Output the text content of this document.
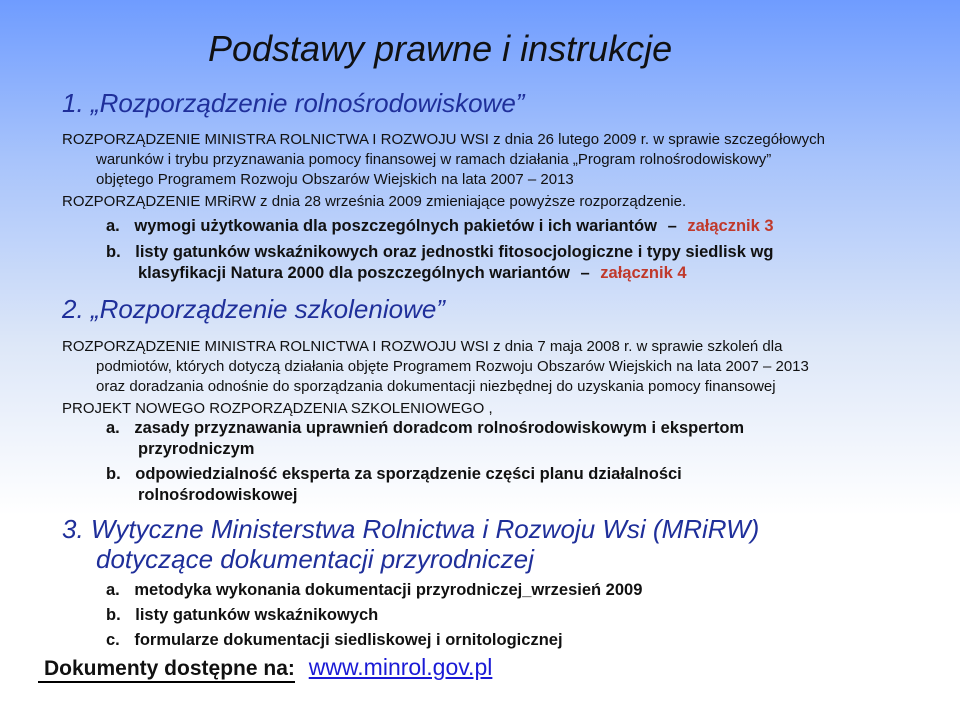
Podstawy prawne i instrukcje
1. „Rozporządzenie rolnośrodowiskowe”
ROZPORZĄDZENIE MINISTRA ROLNICTWA I ROZWOJU WSI z dnia 26 lutego 2009 r. w sprawie szczegółowych
warunków i trybu przyznawania pomocy finansowej w ramach działania „Program rolnośrodowiskowy”
objętego Programem Rozwoju Obszarów Wiejskich na lata 2007 – 2013
ROZPORZĄDZENIE MRiRW z dnia 28 września 2009 zmieniające powyższe rozporządzenie.
a. wymogi użytkowania dla poszczególnych pakietów i ich wariantów – załącznik 3
b. listy gatunków wskaźnikowych oraz jednostki fitosocjologiczne i typy siedlisk wg
klasyfikacji Natura 2000 dla poszczególnych wariantów – załącznik 4
2. „Rozporządzenie szkoleniowe”
ROZPORZĄDZENIE MINISTRA ROLNICTWA I ROZWOJU WSI z dnia 7 maja 2008 r. w sprawie szkoleń dla
podmiotów, których dotyczą działania objęte Programem Rozwoju Obszarów Wiejskich na lata 2007 – 2013
oraz doradzania odnośnie do sporządzania dokumentacji niezbędnej do uzyskania pomocy finansowej
PROJEKT NOWEGO ROZPORZĄDZENIA SZKOLENIOWEGO ,
a. zasady przyznawania uprawnień doradcom rolnośrodowiskowym i ekspertom
przyrodniczym
b. odpowiedzialność eksperta za sporządzenie części planu działalności
rolnośrodowiskowej
3. Wytyczne Ministerstwa Rolnictwa i Rozwoju Wsi (MRiRW)
dotyczące dokumentacji przyrodniczej
a. metodyka wykonania dokumentacji przyrodniczej_wrzesień 2009
b. listy gatunków wskaźnikowych
c. formularze dokumentacji siedliskowej i ornitologicznej
Dokumenty dostępne na: www.minrol.gov.pl
